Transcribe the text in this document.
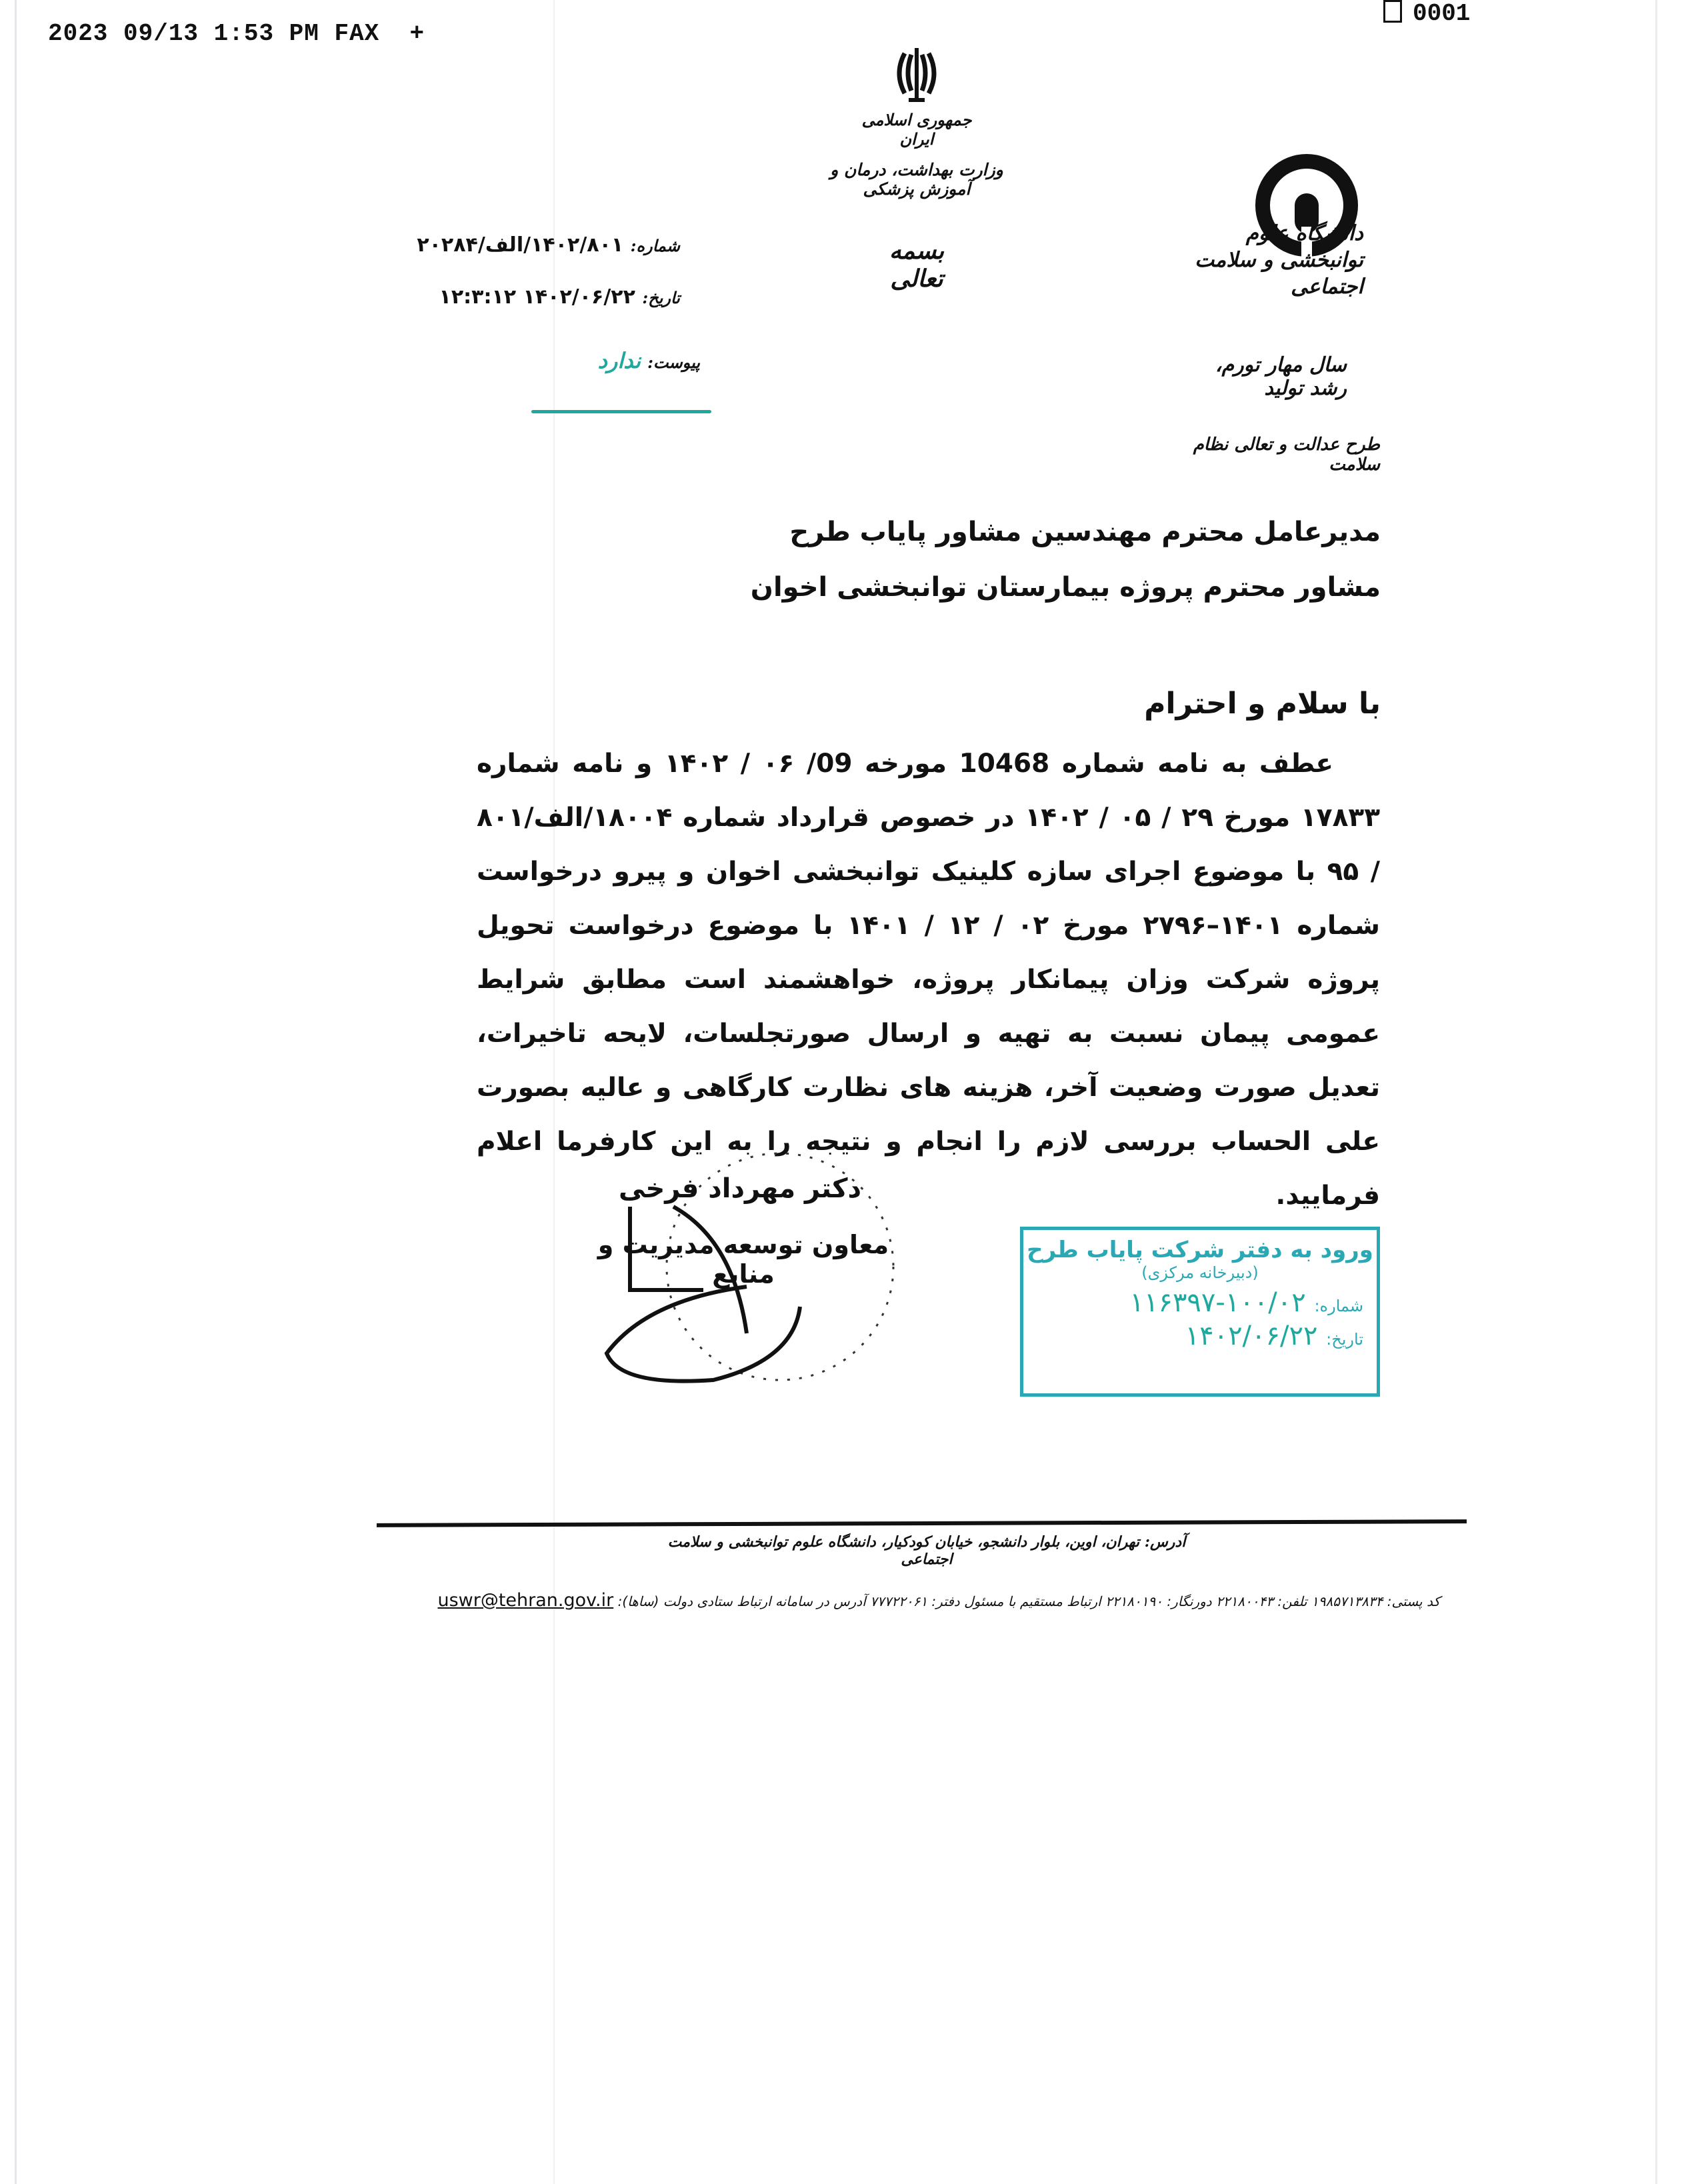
2023 09/13 1:53 PM FAX +
0001
جمهوری اسلامی ایران
وزارت بهداشت، درمان و آموزش پزشکی
بسمه تعالی
دانشگاه علوم توانبخشی و سلامت اجتماعی
سال مهار تورم، رشد تولید
طرح عدالت و تعالی نظام سلامت
شماره: ۱۴۰۲/۸۰۱/الف/۲۰۲۸۴
تاریخ: ۱۴۰۲/۰۶/۲۲ ۱۲:۳:۱۲
پیوست: ندارد
مدیرعامل محترم مهندسین مشاور پایاب طرح
مشاور محترم پروژه بیمارستان توانبخشی اخوان
با سلام و احترام

عطف به نامه شماره 10468 مورخه 09/ ۰۶ / ۱۴۰۲ و نامه شماره ۱۷۸۳۳ مورخ ۲۹ / ۰۵ / ۱۴۰۲ در خصوص قرارداد شماره ۱۸۰۰۴/الف/۸۰۱ / ۹۵ با موضوع اجرای سازه کلینیک توانبخشی اخوان و پیرو درخواست شماره ۱۴۰۱–۲۷۹۶ مورخ ۰۲ / ۱۲ / ۱۴۰۱ با موضوع درخواست تحویل پروژه شرکت وزان پیمانکار پروژه، خواهشمند است مطابق شرایط عمومی پیمان نسبت به تهیه و ارسال صورتجلسات، لایحه تاخیرات، تعدیل صورت وضعیت آخر، هزینه های نظارت کارگاهی و عالیه بصورت علی الحساب بررسی لازم را انجام و نتیجه را به این کارفرما اعلام فرمایید.

دکتر مهرداد فرخی
معاون توسعه مدیریت و منابع
ورود به دفتر شرکت پایاب طرح
(دبیرخانه مرکزی)
شماره: ۱۰۰/۰۲-۱۱۶۳۹۷
تاریخ: ۱۴۰۲/۰۶/۲۲
آدرس: تهران، اوین، بلوار دانشجو، خیابان کودکیار، دانشگاه علوم توانبخشی و سلامت اجتماعی
کد پستی: ۱۹۸۵۷۱۳۸۳۴ تلفن: ۲۲۱۸۰۰۴۳ دورنگار: ۲۲۱۸۰۱۹۰ ارتباط مستقیم با مسئول دفتر: ۷۷۷۲۲۰۶۱ آدرس در سامانه ارتباط ستادی دولت (ساها): uswr@tehran.gov.ir
